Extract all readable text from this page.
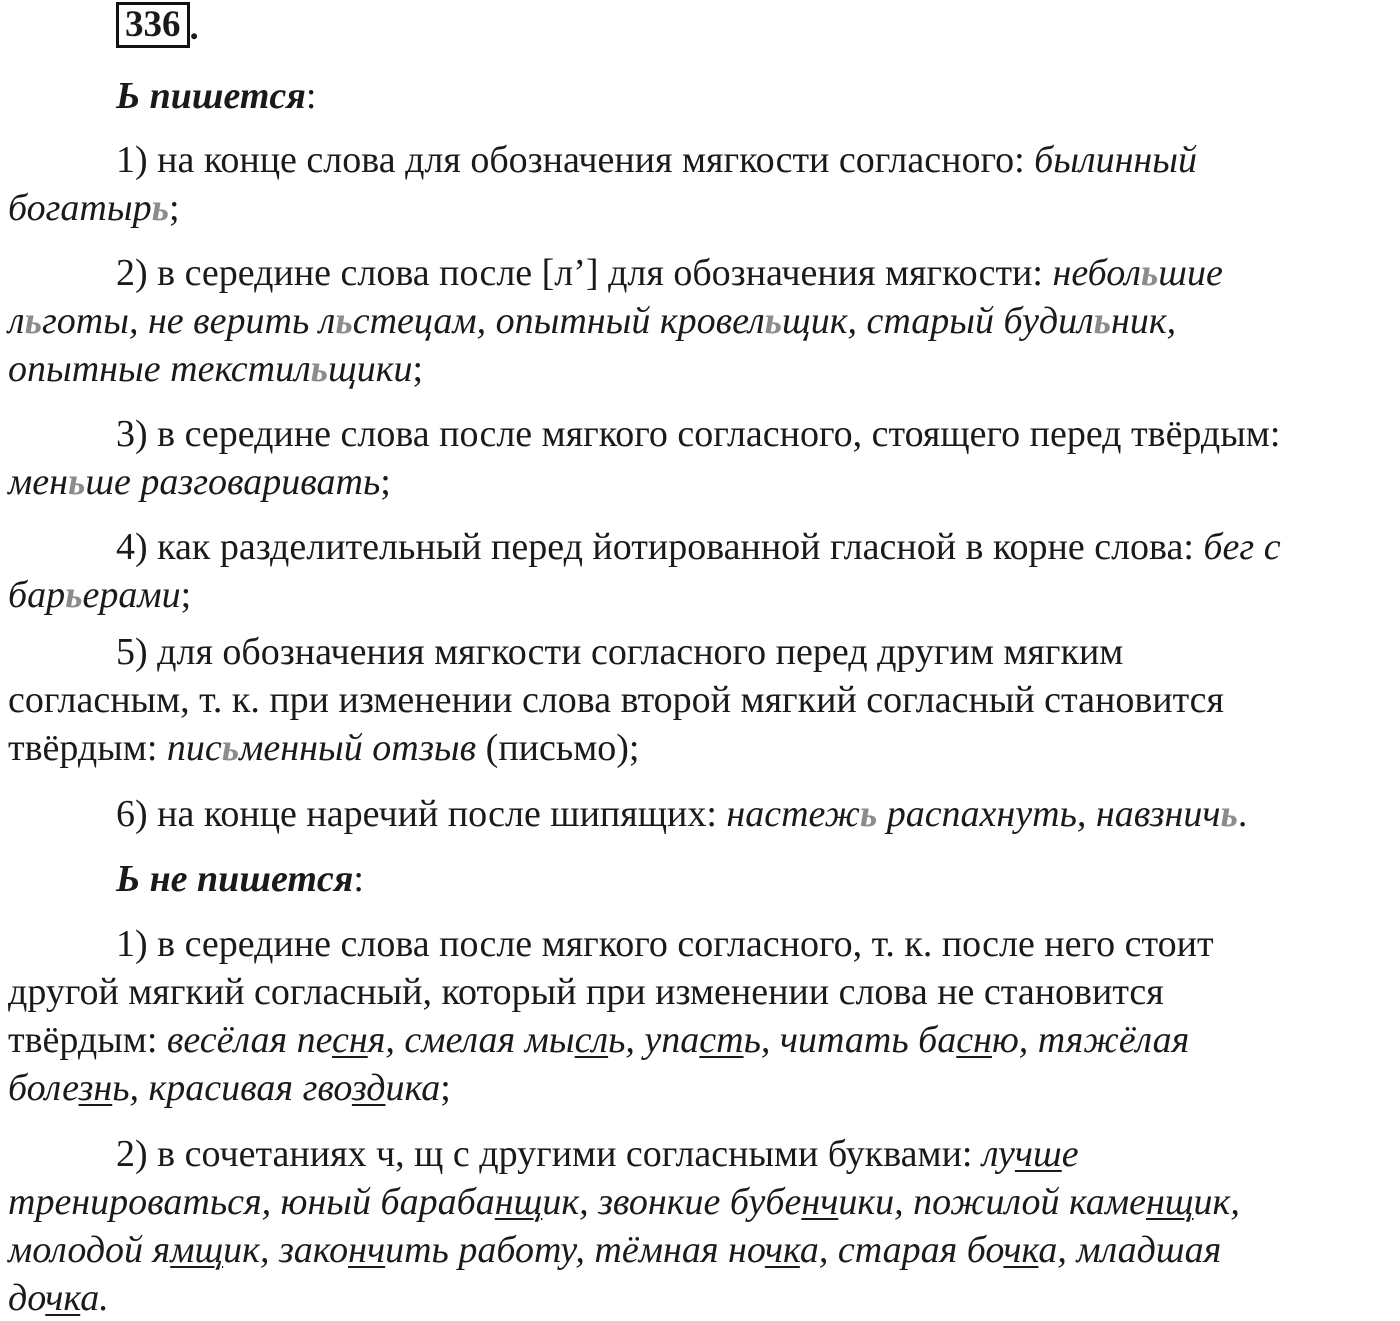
336 .
Ь пишется:
1) на конце слова для обозначения мягкости согласного: былинный
богатырь;
2) в середине слова после [л’] для обозначения мягкости: небольшие
льготы, не верить льстецам, опытный кровельщик, старый будильник,
опытные текстильщики;
3) в середине слова после мягкого согласного, стоящего перед твёрдым:
меньше разговаривать;
4) как разделительный перед йотированной гласной в корне слова: бег с
барьерами;
5) для обозначения мягкости согласного перед другим мягким
согласным, т. к. при изменении слова второй мягкий согласный становится
твёрдым: письменный отзыв (письмо);
6) на конце наречий после шипящих: настежь распахнуть, навзничь.
Ь не пишется:
1) в середине слова после мягкого согласного, т. к. после него стоит
другой мягкий согласный, который при изменении слова не становится
твёрдым: весёлая песня, смелая мысль, упасть, читать басню, тяжёлая
болезнь, красивая гвоздика;
2) в сочетаниях ч, щ с другими согласными буквами: лучше
тренироваться, юный барабанщик, звонкие бубенчики, пожилой каменщик,
молодой ямщик, закончить работу, тёмная ночка, старая бочка, младшая
дочка.
